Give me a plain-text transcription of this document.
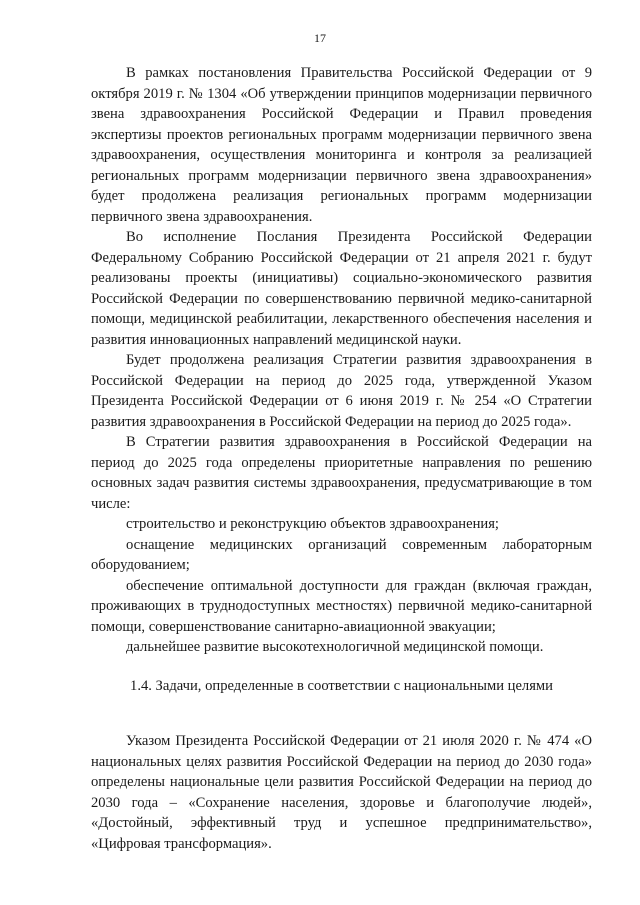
17

В рамках постановления Правительства Российской Федерации от 9 октября 2019 г. № 1304 «Об утверждении принципов модернизации первичного звена здравоохранения Российской Федерации и Правил проведения экспертизы проектов региональных программ модернизации первичного звена здравоохранения, осуществления мониторинга и контроля за реализацией региональных программ модернизации первичного звена здравоохранения» будет продолжена реализация региональных программ модернизации первичного звена здравоохранения.

Во исполнение Послания Президента Российской Федерации Федеральному Собранию Российской Федерации от 21 апреля 2021 г. будут реализованы проекты (инициативы) социально-экономического развития Российской Федерации по совершенствованию первичной медико-санитарной помощи, медицинской реабилитации, лекарственного обеспечения населения и развития инновационных направлений медицинской науки.

Будет продолжена реализация Стратегии развития здравоохранения в Российской Федерации на период до 2025 года, утвержденной Указом Президента Российской Федерации от 6 июня 2019 г. № 254 «О Стратегии развития здравоохранения в Российской Федерации на период до 2025 года».

В Стратегии развития здравоохранения в Российской Федерации на период до 2025 года определены приоритетные направления по решению основных задач развития системы здравоохранения, предусматривающие в том числе:

строительство и реконструкцию объектов здравоохранения;

оснащение медицинских организаций современным лабораторным оборудованием;

обеспечение оптимальной доступности для граждан (включая граждан, проживающих в труднодоступных местностях) первичной медико-санитарной помощи, совершенствование санитарно-авиационной эвакуации;

дальнейшее развитие высокотехнологичной медицинской помощи.

1.4. Задачи, определенные в соответствии с национальными целями

Указом Президента Российской Федерации от 21 июля 2020 г. № 474 «О национальных целях развития Российской Федерации на период до 2030 года» определены национальные цели развития Российской Федерации на период до 2030 года – «Сохранение населения, здоровье и благополучие людей», «Достойный, эффективный труд и успешное предпринимательство», «Цифровая трансформация».
